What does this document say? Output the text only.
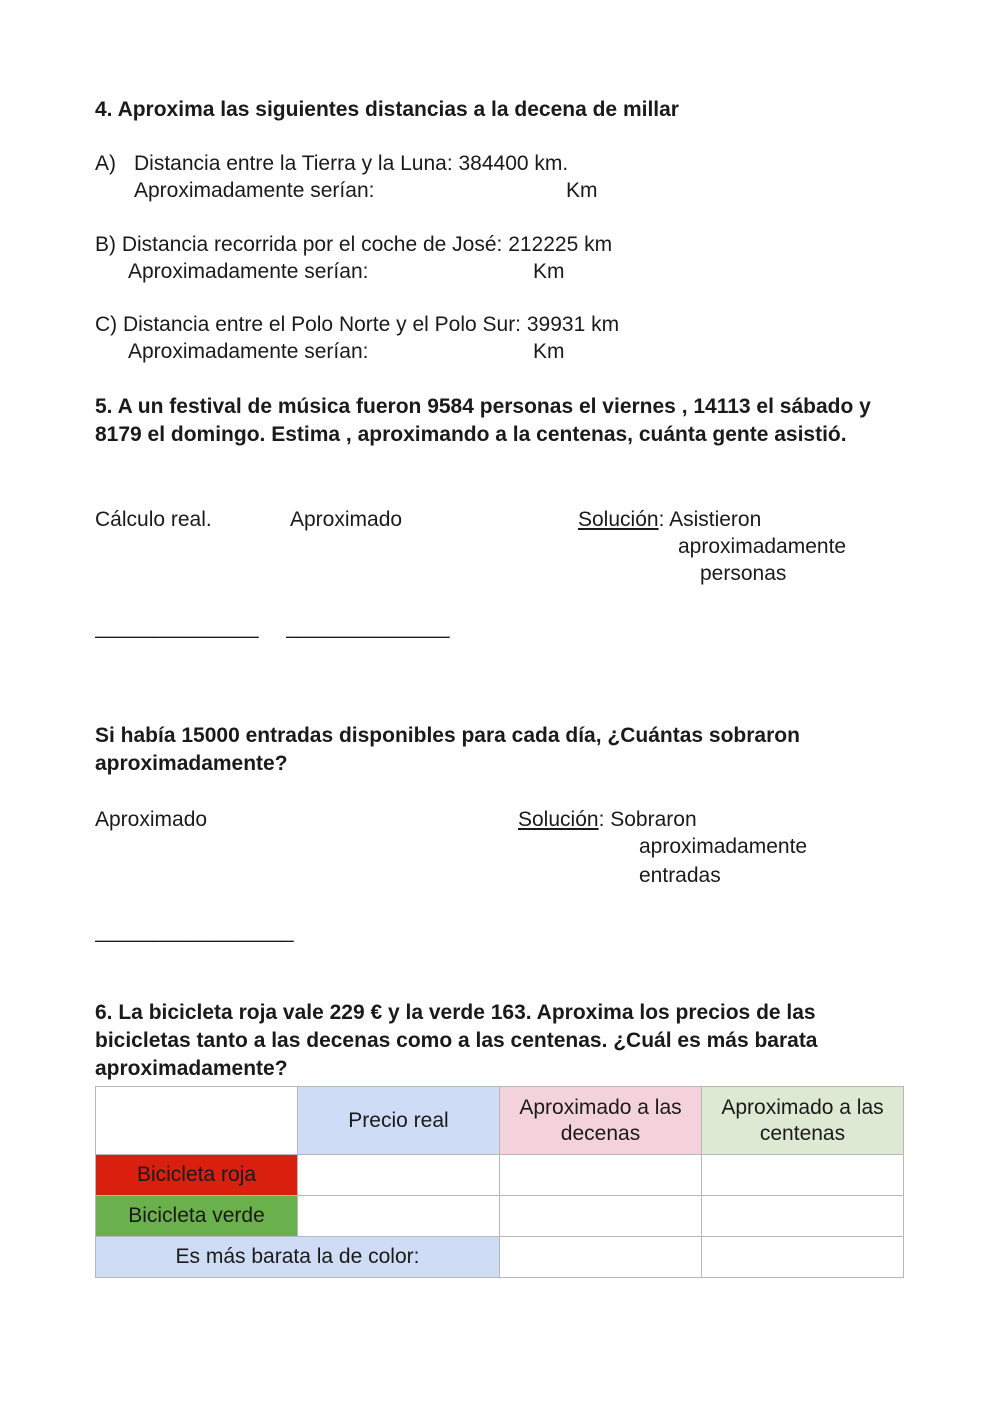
4. Aproxima las siguientes distancias a la decena de millar
A) Distancia entre la Tierra y la Luna: 384400 km.
Aproximadamente serían:	Km
B) Distancia recorrida por el coche de José: 212225 km
Aproximadamente serían:	Km
C) Distancia entre el Polo Norte y el Polo Sur: 39931 km
Aproximadamente serían:	Km
5. A un festival de música fueron 9584 personas el viernes , 14113 el sábado y 8179 el domingo. Estima , aproximando a la centenas, cuánta gente asistió.
Cálculo real.	Aproximado	Solución: Asistieron
aproximadamente
personas
______________ ______________
Si había 15000 entradas disponibles para cada día, ¿Cuántas sobraron aproximadamente?
Aproximado	Solución: Sobraron
aproximadamente
entradas
_________________
6. La bicicleta roja vale 229 € y la verde 163. Aproxima los precios de las bicicletas tanto a las decenas como a las centenas. ¿Cuál es más barata aproximadamente?
	Precio real	Aproximado a las decenas	Aproximado a las centenas
Bicicleta roja			
Bicicleta verde			
Es más barata la de color:			
